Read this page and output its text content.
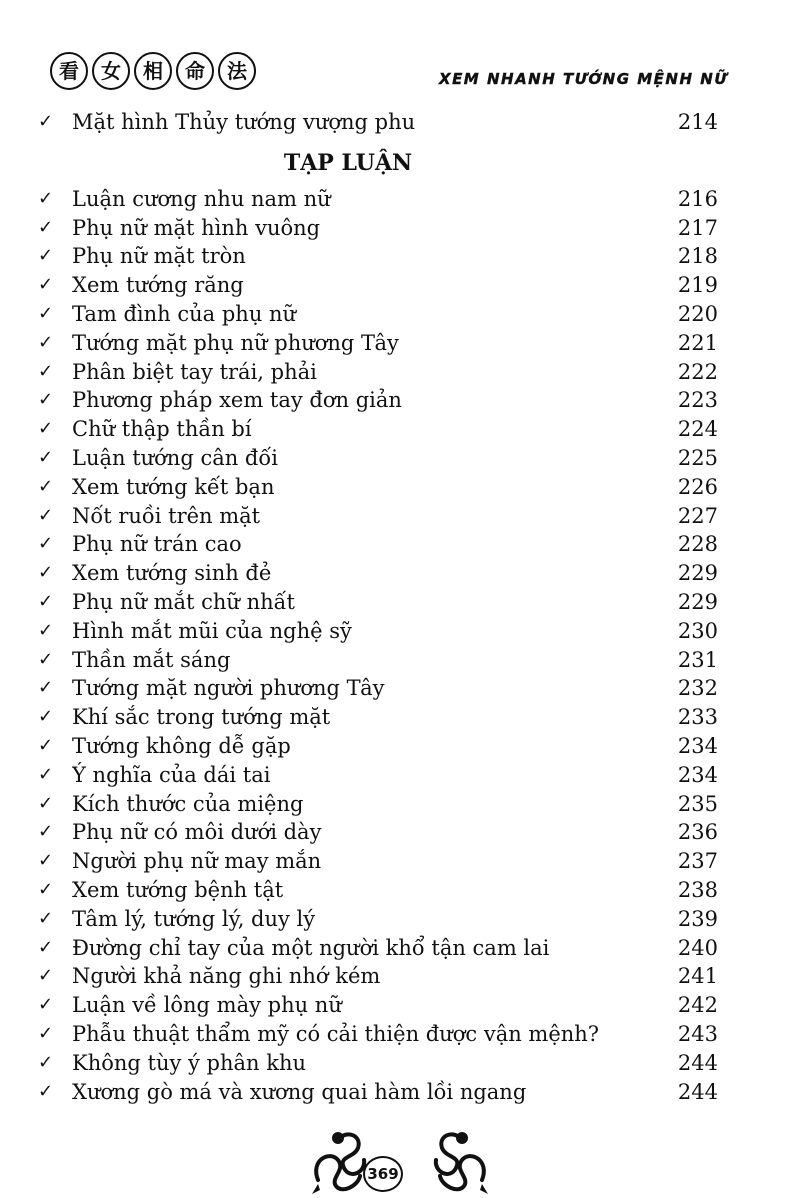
看	女	相	命	法	XEM NHANH TƯỚNG MỆNH NỮ
✓ Mặt hình Thủy tướng vượng phu	214
TẠP LUẬN
✓ Luận cương nhu nam nữ	216
✓ Phụ nữ mặt hình vuông	217
✓ Phụ nữ mặt tròn	218
✓ Xem tướng răng	219
✓ Tam đình của phụ nữ	220
✓ Tướng mặt phụ nữ phương Tây	221
✓ Phân biệt tay trái, phải	222
✓ Phương pháp xem tay đơn giản	223
✓ Chữ thập thần bí	224
✓ Luận tướng cân đối	225
✓ Xem tướng kết bạn	226
✓ Nốt ruồi trên mặt	227
✓ Phụ nữ trán cao	228
✓ Xem tướng sinh đẻ	229
✓ Phụ nữ mắt chữ nhất	229
✓ Hình mắt mũi của nghệ sỹ	230
✓ Thần mắt sáng	231
✓ Tướng mặt người phương Tây	232
✓ Khí sắc trong tướng mặt	233
✓ Tướng không dễ gặp	234
✓ Ý nghĩa của dái tai	234
✓ Kích thước của miệng	235
✓ Phụ nữ có môi dưới dày	236
✓ Người phụ nữ may mắn	237
✓ Xem tướng bệnh tật	238
✓ Tâm lý, tướng lý, duy lý	239
✓ Đường chỉ tay của một người khổ tận cam lai	240
✓ Người khả năng ghi nhớ kém	241
✓ Luận về lông mày phụ nữ	242
✓ Phẫu thuật thẩm mỹ có cải thiện được vận mệnh?	243
✓ Không tùy ý phân khu	244
✓ Xương gò má và xương quai hàm lồi ngang	244
369
